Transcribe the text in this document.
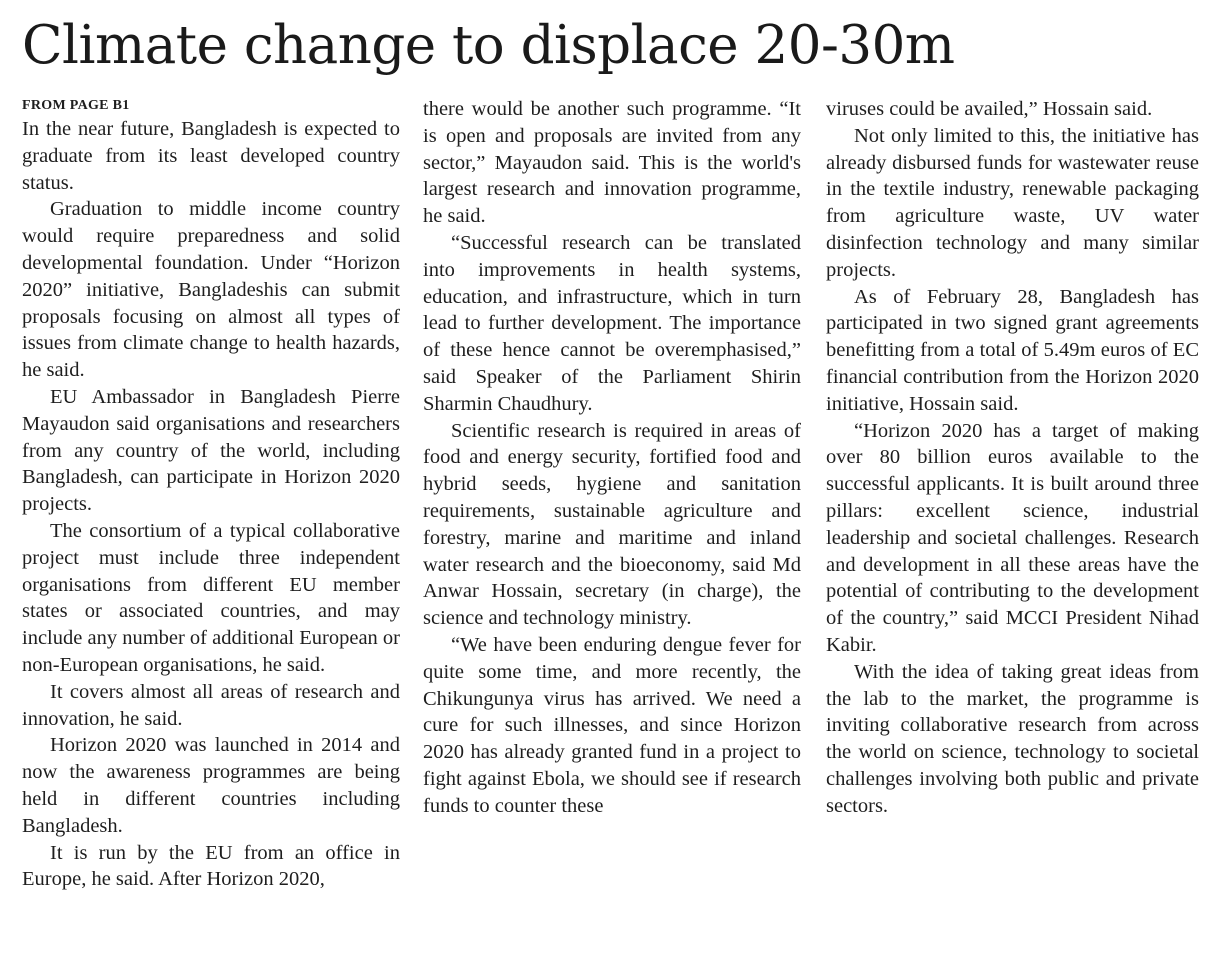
Climate change to displace 20-30m

FROM PAGE B1

In the near future, Bangladesh is expected to graduate from its least developed country status.

Graduation to middle income country would require preparedness and solid developmental foundation. Under “Horizon 2020” initiative, Bangladeshis can submit proposals focusing on almost all types of issues from climate change to health hazards, he said.

EU Ambassador in Bangladesh Pierre Mayaudon said organisations and researchers from any country of the world, including Bangladesh, can participate in Horizon 2020 projects.

The consortium of a typical collaborative project must include three independent organisations from different EU member states or associated countries, and may include any number of additional European or non-European organisations, he said.

It covers almost all areas of research and innovation, he said.

Horizon 2020 was launched in 2014 and now the awareness programmes are being held in different countries including Bangladesh.

It is run by the EU from an office in Europe, he said. After Horizon 2020,

there would be another such programme. “It is open and proposals are invited from any sector,” Mayaudon said. This is the world's largest research and innovation programme, he said.

“Successful research can be translated into improvements in health systems, education, and infrastructure, which in turn lead to further development. The importance of these hence cannot be overemphasised,” said Speaker of the Parliament Shirin Sharmin Chaudhury.

Scientific research is required in areas of food and energy security, fortified food and hybrid seeds, hygiene and sanitation requirements, sustainable agriculture and forestry, marine and maritime and inland water research and the bioeconomy, said Md Anwar Hossain, secretary (in charge), the science and technology ministry.

“We have been enduring dengue fever for quite some time, and more recently, the Chikungunya virus has arrived. We need a cure for such illnesses, and since Horizon 2020 has already granted fund in a project to fight against Ebola, we should see if research funds to counter these

viruses could be availed,” Hossain said.

Not only limited to this, the initiative has already disbursed funds for wastewater reuse in the textile industry, renewable packaging from agriculture waste, UV water disinfection technology and many similar projects.

As of February 28, Bangladesh has participated in two signed grant agreements benefitting from a total of 5.49m euros of EC financial contribution from the Horizon 2020 initiative, Hossain said.

“Horizon 2020 has a target of making over 80 billion euros available to the successful applicants. It is built around three pillars: excellent science, industrial leadership and societal challenges. Research and development in all these areas have the potential of contributing to the development of the country,” said MCCI President Nihad Kabir.

With the idea of taking great ideas from the lab to the market, the programme is inviting collaborative research from across the world on science, technology to societal challenges involving both public and private sectors.
